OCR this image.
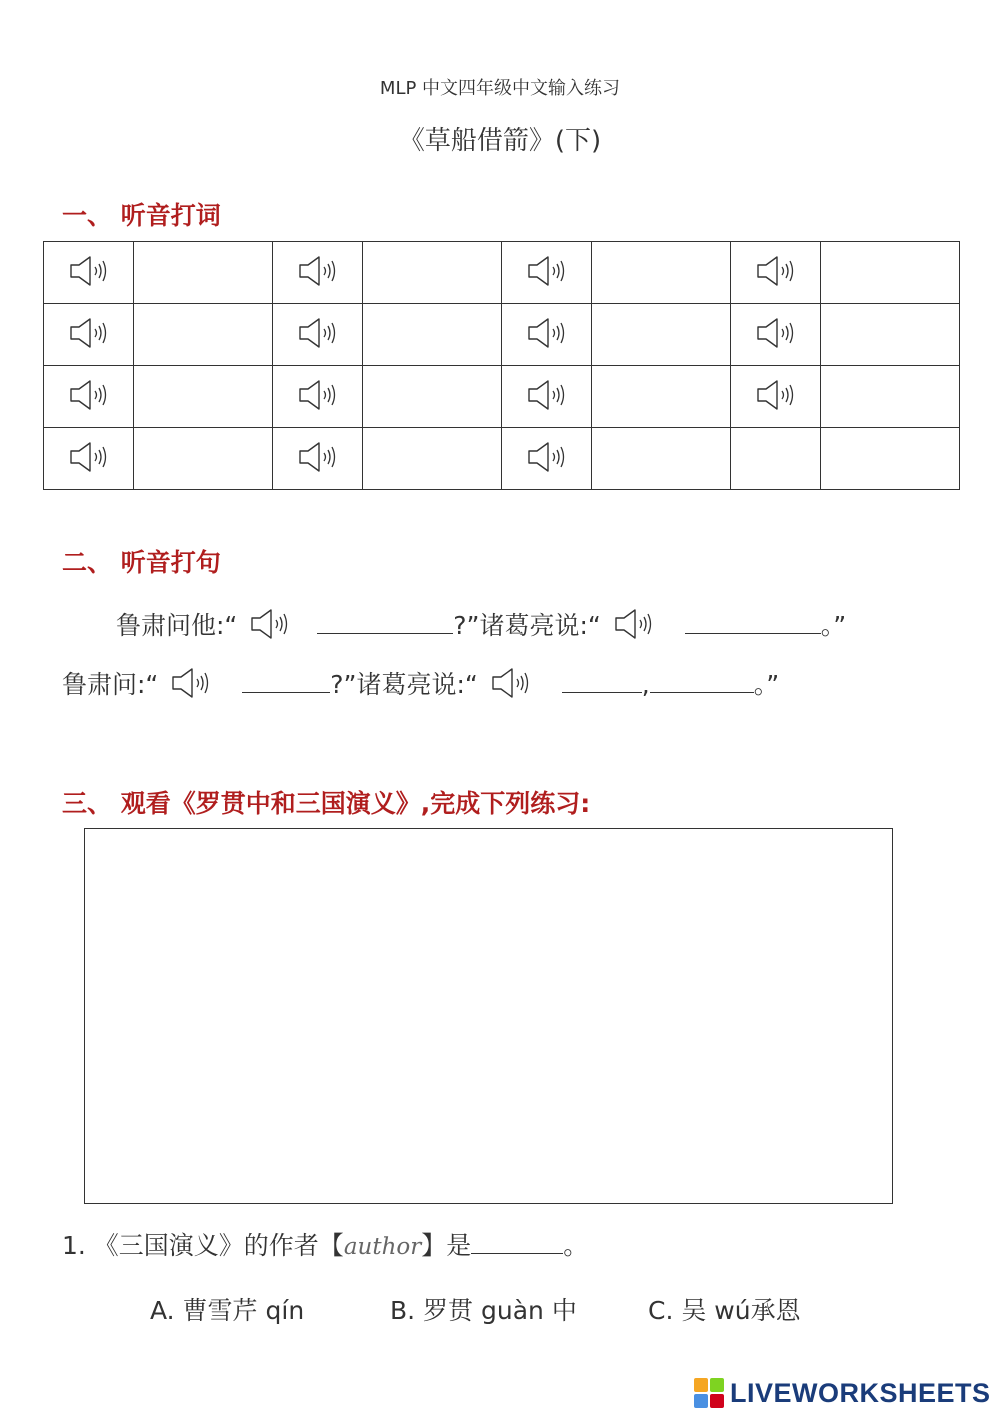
MLP 中文四年级中文输入练习
《草船借箭》(下)
一、 听音打词

二、 听音打句
鲁肃问他:“	?”诸葛亮说:“	。”
鲁肃问:“	?”诸葛亮说:“	,	。”
三、 观看《罗贯中和三国演义》,完成下列练习:
1. 《三国演义》的作者【author】是	。
A. 曹雪芹 qín	B. 罗贯 guàn 中	C. 吴 wú承恩
LIVEWORKSHEETS
